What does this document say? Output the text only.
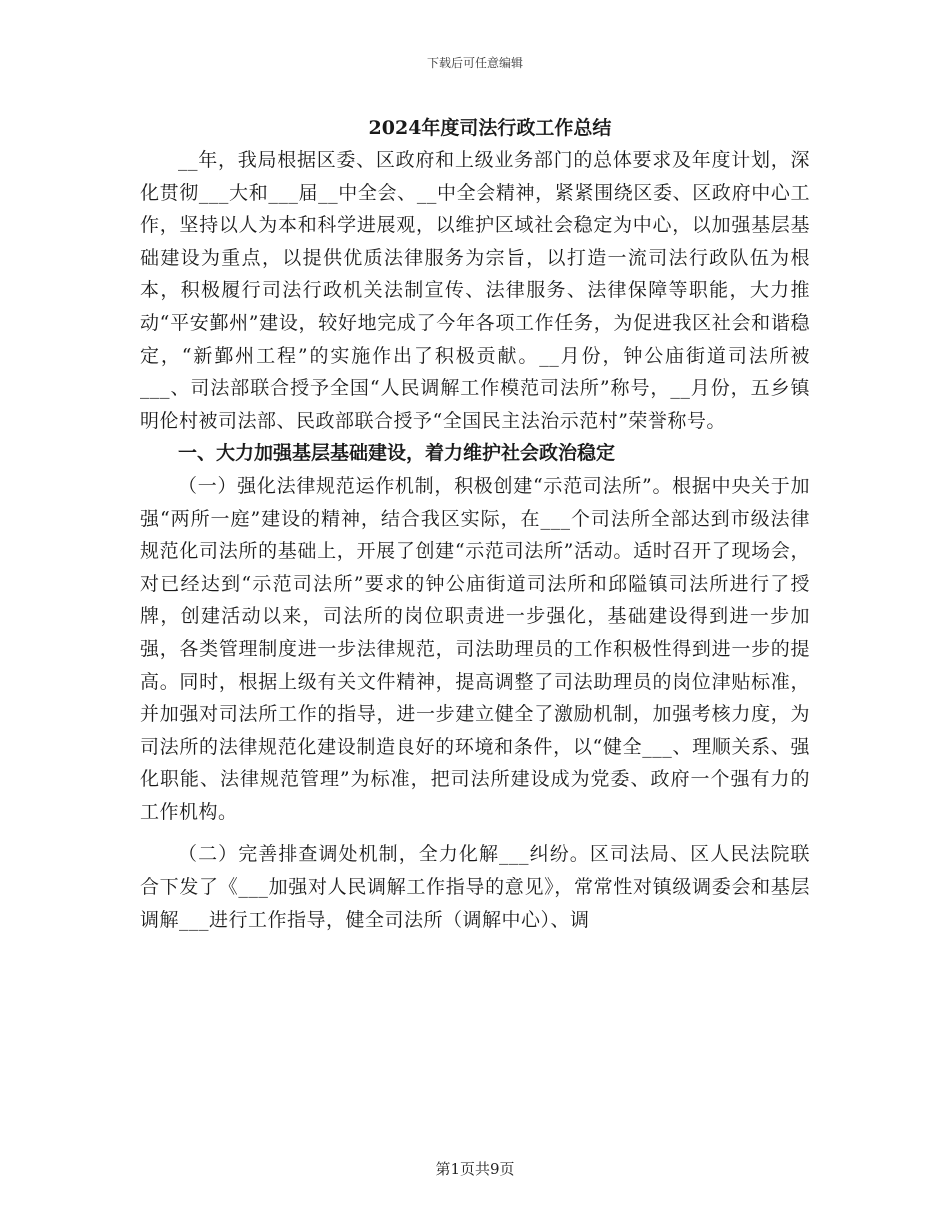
下载后可任意编辑
2024年度司法行政工作总结

__年，我局根据区委、区政府和上级业务部门的总体要求及年度计划，深化贯彻___大和___届__中全会、__中全会精神，紧紧围绕区委、区政府中心工作，坚持以人为本和科学进展观，以维护区域社会稳定为中心，以加强基层基础建设为重点，以提供优质法律服务为宗旨，以打造一流司法行政队伍为根本，积极履行司法行政机关法制宣传、法律服务、法律保障等职能，大力推动“平安鄞州”建设，较好地完成了今年各项工作任务，为促进我区社会和谐稳定，“新鄞州工程”的实施作出了积极贡献。__月份，钟公庙街道司法所被___、司法部联合授予全国“人民调解工作模范司法所”称号，__月份，五乡镇明伦村被司法部、民政部联合授予“全国民主法治示范村”荣誉称号。

一、大力加强基层基础建设，着力维护社会政治稳定

（一）强化法律规范运作机制，积极创建“示范司法所”。根据中央关于加强“两所一庭”建设的精神，结合我区实际，在___个司法所全部达到市级法律规范化司法所的基础上，开展了创建“示范司法所”活动。适时召开了现场会，对已经达到“示范司法所”要求的钟公庙街道司法所和邱隘镇司法所进行了授牌，创建活动以来，司法所的岗位职责进一步强化，基础建设得到进一步加强，各类管理制度进一步法律规范，司法助理员的工作积极性得到进一步的提高。同时，根据上级有关文件精神，提高调整了司法助理员的岗位津贴标准，并加强对司法所工作的指导，进一步建立健全了激励机制，加强考核力度，为司法所的法律规范化建设制造良好的环境和条件，以“健全___、理顺关系、强化职能、法律规范管理”为标准，把司法所建设成为党委、政府一个强有力的工作机构。

（二）完善排查调处机制，全力化解___纠纷。区司法局、区人民法院联合下发了《___加强对人民调解工作指导的意见》，常常性对镇级调委会和基层调解___进行工作指导，健全司法所（调解中心）、调

第1页共9页
